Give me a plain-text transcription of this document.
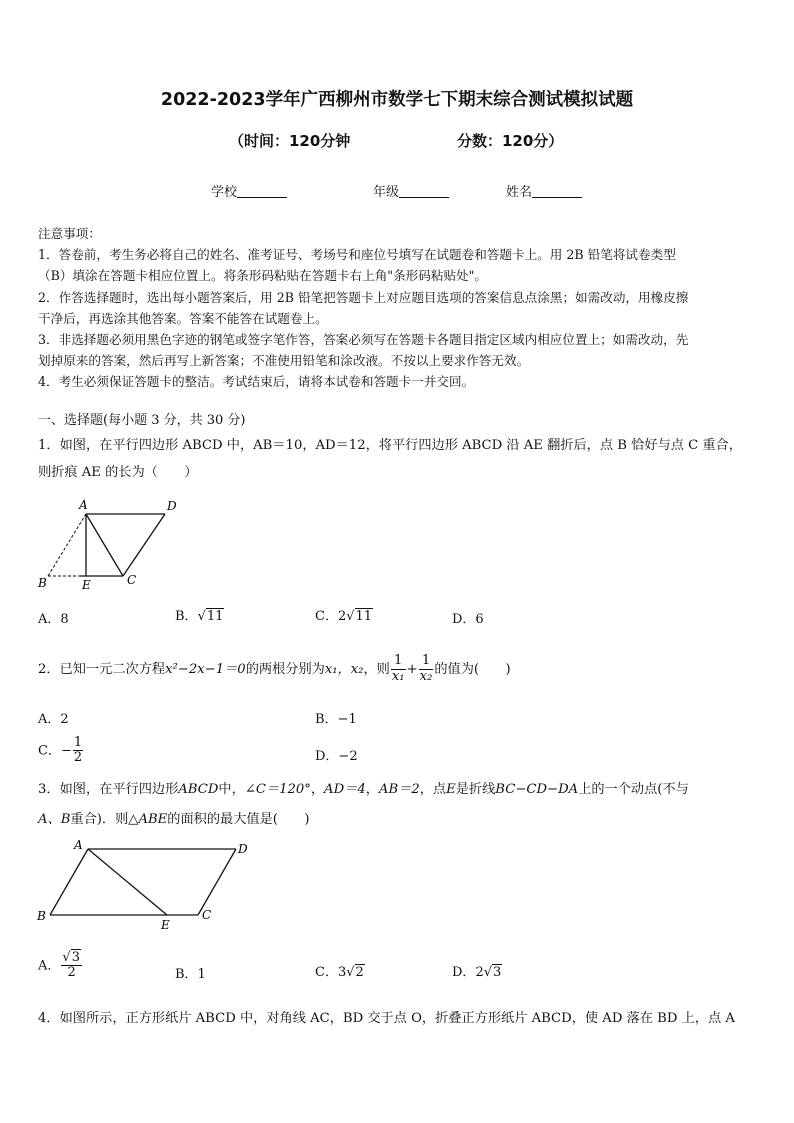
2022-2023学年广西柳州市数学七下期末综合测试模拟试题
（时间：120分钟	分数：120分）
学校	年级	姓名

注意事项：

1．答卷前，考生务必将自己的姓名、准考证号、考场号和座位号填写在试题卷和答题卡上。用 2B 铅笔将试卷类型

（B）填涂在答题卡相应位置上。将条形码粘贴在答题卡右上角"条形码粘贴处"。

2．作答选择题时，选出每小题答案后，用 2B 铅笔把答题卡上对应题目选项的答案信息点涂黑；如需改动，用橡皮擦

干净后，再选涂其他答案。答案不能答在试题卷上。

3．非选择题必须用黑色字迹的钢笔或签字笔作答，答案必须写在答题卡各题目指定区域内相应位置上；如需改动，先

划掉原来的答案，然后再写上新答案；不准使用铅笔和涂改液。不按以上要求作答无效。

4．考生必须保证答题卡的整洁。考试结束后，请将本试卷和答题卡一并交回。

一、选择题(每小题 3 分，共 30 分)
1．如图，在平行四边形 ABCD 中，AB＝10，AD＝12，将平行四边形 ABCD 沿 AE 翻折后，点 B 恰好与点 C 重合，
则折痕 AE 的长为（　　）
A	D
B	E	C
A．8	B．√11	C．2√11	D．6
2．已知一元二次方程x²−2x−1＝0的两根分别为x₁，x₂，则 $\frac{1}{\text{x₁}} + \frac{1}{\text{x₂}}$ 的值为(　　)
A．2	B．−1
C．− $\frac{1}{2}$	D．−2
3．如图，在平行四边形ABCD中，∠C＝120°，AD＝4，AB＝2，点E是折线BC−CD−DA上的一个动点(不与
A、B重合)．则△ABE的面积的最大值是(　　)
A	D
B
E
C
A． $\frac{√3}{2}$	B．1	C．3√2	D．2√3
4．如图所示，正方形纸片 ABCD 中，对角线 AC，BD 交于点 O，折叠正方形纸片 ABCD，使 AD 落在 BD 上，点 A
